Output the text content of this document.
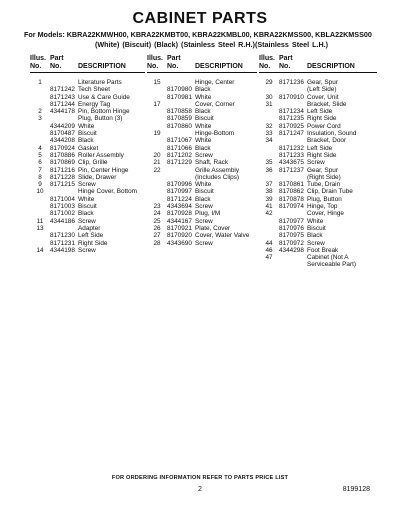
CABINET PARTS
For Models: KBRA22KMWH00, KBRA22KMBT00, KBRA22KMBL00, KBRA22KMSS00, KBLA22KMSS00
(White) (Biscuit) (Black) (Stainless Steel R.H.)(Stainless Steel L.H.)
Illus.
No.
Part
No.	DESCRIPTION
1	Literature Parts
8171242 Tech Sheet
8171243 Use & Care Guide
8171244 Energy Tag
2	4344178 Pin, Bottom Hinge
3	Plug, Button (3)
4344209 White
8170487 Biscuit
4344208 Black
4	8170924 Gasket
5	8170886 Roller Assembly
6	8170869 Clip, Grille
7	8171216 Pin, Center Hinge
8	8171228 Slide, Drawer
9	8171215 Screw
10	Hinge Cover, Bottom
8171004 White
8171003 Biscuit
8171002 Black
11	4344186 Screw
13	Adapter
8171230 Left Side
8171231 Right Side
14	4344198 Screw
Illus.
No.
Part
No.	DESCRIPTION
15	Hinge, Center
8170980 Black
8170981 White
17	Cover, Corner
8170858 Black
8170859 Biscuit
8170860 White
19	Hinge-Bottom
8171067 White
8171066 Black
20	8171202 Screw
21	8171229 Shaft, Rack
22	Grille Assembly
(Includes Clips)
8170996 White
8170997 Biscuit
8171224 Black
23	4343694 Screw
24	8170928 Plug, I/M
25	4344167 Screw
26	8170921 Plate, Cover
27	8170920 Cover, Water Valve
28	4343690 Screw
Illus.
No.
Part
No.	DESCRIPTION
29	8171236 Gear, Spur
(Left Side)
30	8170910 Cover, Unit
31	Bracket, Slide
8171234 Left Side
8171235 Right Side
32	8170925 Power Cord
33	8171247 Insulation, Sound
34	Bracket, Door
8171232 Left Side
8171233 Right Side
35	4343675 Screw
36	8171237 Gear, Spur
(Right Side)
37	8170861 Tube, Drain
38	8170862 Clip, Drain Tube
39	8170878 Plug, Button
41	8170974 Hinge, Top
42	Cover, Hinge
8170977 White
8170976 Biscuit
8170975 Black
44	8170972 Screw
46	4344298 Foot Break
47	Cabinet (Not A
Serviceable Part)
FOR ORDERING INFORMATION REFER TO PARTS PRICE LIST
2	8199128
